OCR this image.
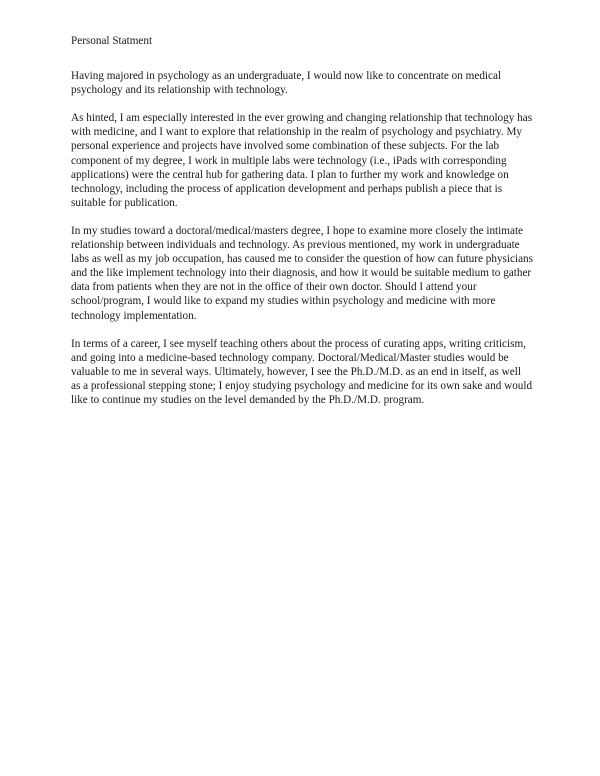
Personal Statment

Having majored in psychology as an undergraduate, I would now like to concentrate on medical psychology and its relationship with technology.

As hinted, I am especially interested in the ever growing and changing relationship that technology has with medicine, and I want to explore that relationship in the realm of psychology and psychiatry. My personal experience and projects have involved some combination of these subjects. For the lab component of my degree, I work in multiple labs were technology (i.e., iPads with corresponding applications) were the central hub for gathering data. I plan to further my work and knowledge on technology, including the process of application development and perhaps publish a piece that is suitable for publication.

In my studies toward a doctoral/medical/masters degree, I hope to examine more closely the intimate relationship between individuals and technology. As previous mentioned, my work in undergraduate labs as well as my job occupation, has caused me to consider the question of how can future physicians and the like implement technology into their diagnosis, and how it would be suitable medium to gather data from patients when they are not in the office of their own doctor. Should I attend your school/program, I would like to expand my studies within psychology and medicine with more technology implementation.

In terms of a career, I see myself teaching others about the process of curating apps, writing criticism, and going into a medicine-based technology company. Doctoral/Medical/Master studies would be valuable to me in several ways. Ultimately, however, I see the Ph.D./M.D. as an end in itself, as well as a professional stepping stone; I enjoy studying psychology and medicine for its own sake and would like to continue my studies on the level demanded by the Ph.D./M.D. program.
